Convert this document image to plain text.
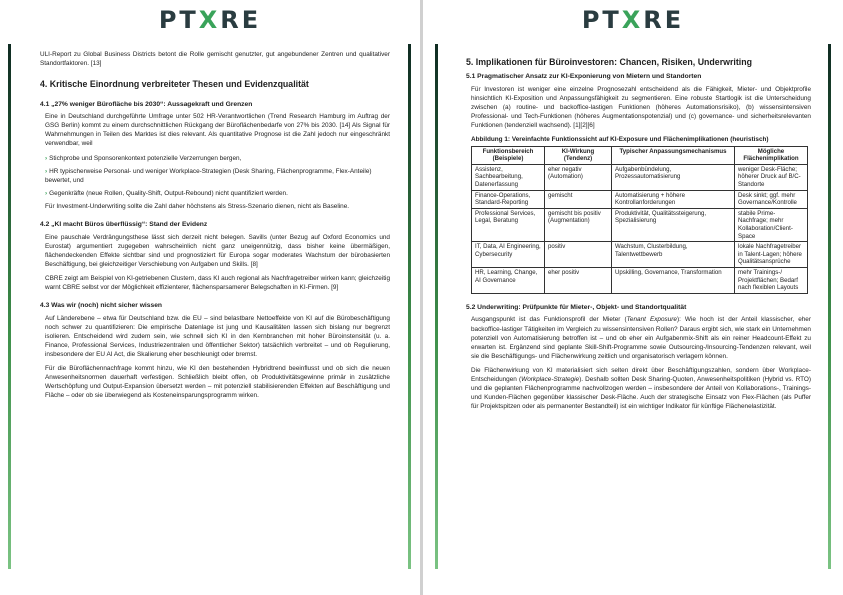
PTXRE

ULI-Report zu Global Business Districts betont die Rolle gemischt genutzter, gut angebundener Zentren und qualitativer Standortfaktoren. [13]

4. Kritische Einordnung verbreiteter Thesen und Evidenzqualität
4.1 „27% weniger Bürofläche bis 2030“: Aussagekraft und Grenzen

Eine in Deutschland durchgeführte Umfrage unter 502 HR-Verantwortlichen (Trend Research Hamburg im Auftrag der GSG Berlin) kommt zu einem durchschnittlichen Rückgang der Büroflächenbedarfe von 27% bis 2030. [14] Als Signal für Wahrnehmungen in Teilen des Marktes ist dies relevant. Als quantitative Prognose ist die Zahl jedoch nur eingeschränkt verwendbar, weil

› Stichprobe und Sponsorenkontext potenzielle Verzerrungen bergen,
› HR typischerweise Personal- und weniger Workplace-Strategien (Desk Sharing, Flächenprogramme, Flex-Anteile) bewertet, und
› Gegenkräfte (neue Rollen, Quality-Shift, Output-Rebound) nicht quantifiziert werden.

Für Investment-Underwriting sollte die Zahl daher höchstens als Stress-Szenario dienen, nicht als Baseline.

4.2 „KI macht Büros überflüssig“: Stand der Evidenz

Eine pauschale Verdrängungsthese lässt sich derzeit nicht belegen. Savills (unter Bezug auf Oxford Economics und Eurostat) argumentiert zugegeben wahrscheinlich nicht ganz uneigennützig, dass bisher keine übermäßigen, flächendeckenden Effekte sichtbar sind und prognostiziert für Europa sogar moderates Wachstum der bürobasierten Beschäftigung, bei gleichzeitiger Verschiebung von Aufgaben und Skills. [8]

CBRE zeigt am Beispiel von KI-getriebenen Clustern, dass KI auch regional als Nachfragetreiber wirken kann; gleichzeitig warnt CBRE selbst vor der Möglichkeit effizienterer, flächensparsamerer Belegschaften in KI-Firmen. [9]

4.3 Was wir (noch) nicht sicher wissen

Auf Länderebene – etwa für Deutschland bzw. die EU – sind belastbare Nettoeffekte von KI auf die Bürobeschäftigung noch schwer zu quantifizieren: Die empirische Datenlage ist jung und Kausalitäten lassen sich bislang nur begrenzt isolieren. Entscheidend wird zudem sein, wie schnell sich KI in den Kernbranchen mit hoher Büroinstensität (u. a. Finance, Professional Services, Industriezentralen und öffentlicher Sektor) tatsächlich verbreitet – und ob Regulierung, insbesondere der EU AI Act, die Skalierung eher beschleunigt oder bremst.

Für die Büroflächennachfrage kommt hinzu, wie KI den bestehenden Hybridtrend beeinflusst und ob sich die neuen Anwesenheitsnormen dauerhaft verfestigen. Schließlich bleibt offen, ob Produktivitätsgewinne primär in zusätzliche Wertschöpfung und Output-Expansion übersetzt werden – mit potenziell stabilisierenden Effekten auf Beschäftigung und Fläche – oder ob sie überwiegend als Kosteneinsparungsprogramm wirken.

PTXRE
5. Implikationen für Büroinvestoren: Chancen, Risiken, Underwriting
5.1 Pragmatischer Ansatz zur KI-Exponierung von Mietern und Standorten

Für Investoren ist weniger eine einzelne Prognosezahl entscheidend als die Fähigkeit, Mieter- und Objektprofile hinsichtlich KI-Exposition und Anpassungsfähigkeit zu segmentieren. Eine robuste Startlogik ist die Unterscheidung zwischen (a) routine- und backoffice-lastigen Funktionen (höheres Automationsrisiko), (b) wissensintensiven Professional- und Tech-Funktionen (höheres Augmentationspotenzial) und (c) governance- und sicherheitsrelevanten Funktionen (tendenziell wachsend). [1][2][6]

Abbildung 1: Vereinfachte Funktionssicht auf KI-Exposure und Flächenimplikationen (heuristisch)
Funktionsbereich (Beispiele)	KI-Wirkung (Tendenz)	Typischer Anpassungsmechanismus	Mögliche Flächenimplikation
Assistenz, Sachbearbeitung, Datenerfassung	eher negativ (Automation)	Aufgabenbündelung, Prozessautomatisierung	weniger Desk-Fläche; höherer Druck auf B/C-Standorte
Finance-Operations, Standard-Reporting	gemischt	Automatisierung + höhere Kontrollanforderungen	Desk sinkt; ggf. mehr Governance/Kontrolle
Professional Services, Legal, Beratung	gemischt bis positiv (Augmentation)	Produktivität, Qualitätssteigerung, Spezialisierung	stabile Prime-Nachfrage; mehr Kollaboration/Client-Space
IT, Data, AI Engineering, Cybersecurity	positiv	Wachstum, Clusterbildung, Talentwettbewerb	lokale Nachfragetreiber in Talent-Lagen; höhere Qualitätsansprüche
HR, Learning, Change, AI Governance	eher positiv	Upskilling, Governance, Transformation	mehr Trainings-/ Projektflächen; Bedarf nach flexiblen Layouts
5.2 Underwriting: Prüfpunkte für Mieter-, Objekt- und Standortqualität

Ausgangspunkt ist das Funktionsprofil der Mieter (Tenant Exposure): Wie hoch ist der Anteil klassischer, eher backoffice-lastiger Tätigkeiten im Vergleich zu wissensintensiven Rollen? Daraus ergibt sich, wie stark ein Unternehmen potenziell von Automatisierung betroffen ist – und ob eher ein Aufgabenmix-Shift als ein reiner Headcount-Effekt zu erwarten ist. Ergänzend sind geplante Skill-Shift-Programme sowie Outsourcing-/Insourcing-Tendenzen relevant, weil sie die Beschäftigungs- und Flächenwirkung zeitlich und organisatorisch verlagern können.

Die Flächenwirkung von KI materialisiert sich selten direkt über Beschäftigungszahlen, sondern über Workplace-Entscheidungen (Workplace-Strategie). Deshalb sollten Desk Sharing-Quoten, Anwesenheitspolitiken (Hybrid vs. RTO) und die geplanten Flächenprogramme nachvollzogen werden – insbesondere der Anteil von Kollaborations-, Trainings- und Kunden-Flächen gegenüber klassischer Desk-Fläche. Auch der strategische Einsatz von Flex-Flächen (als Puffer für Projektspitzen oder als permanenter Bestandteil) ist ein wichtiger Indikator für künftige Flächenelastizität.
